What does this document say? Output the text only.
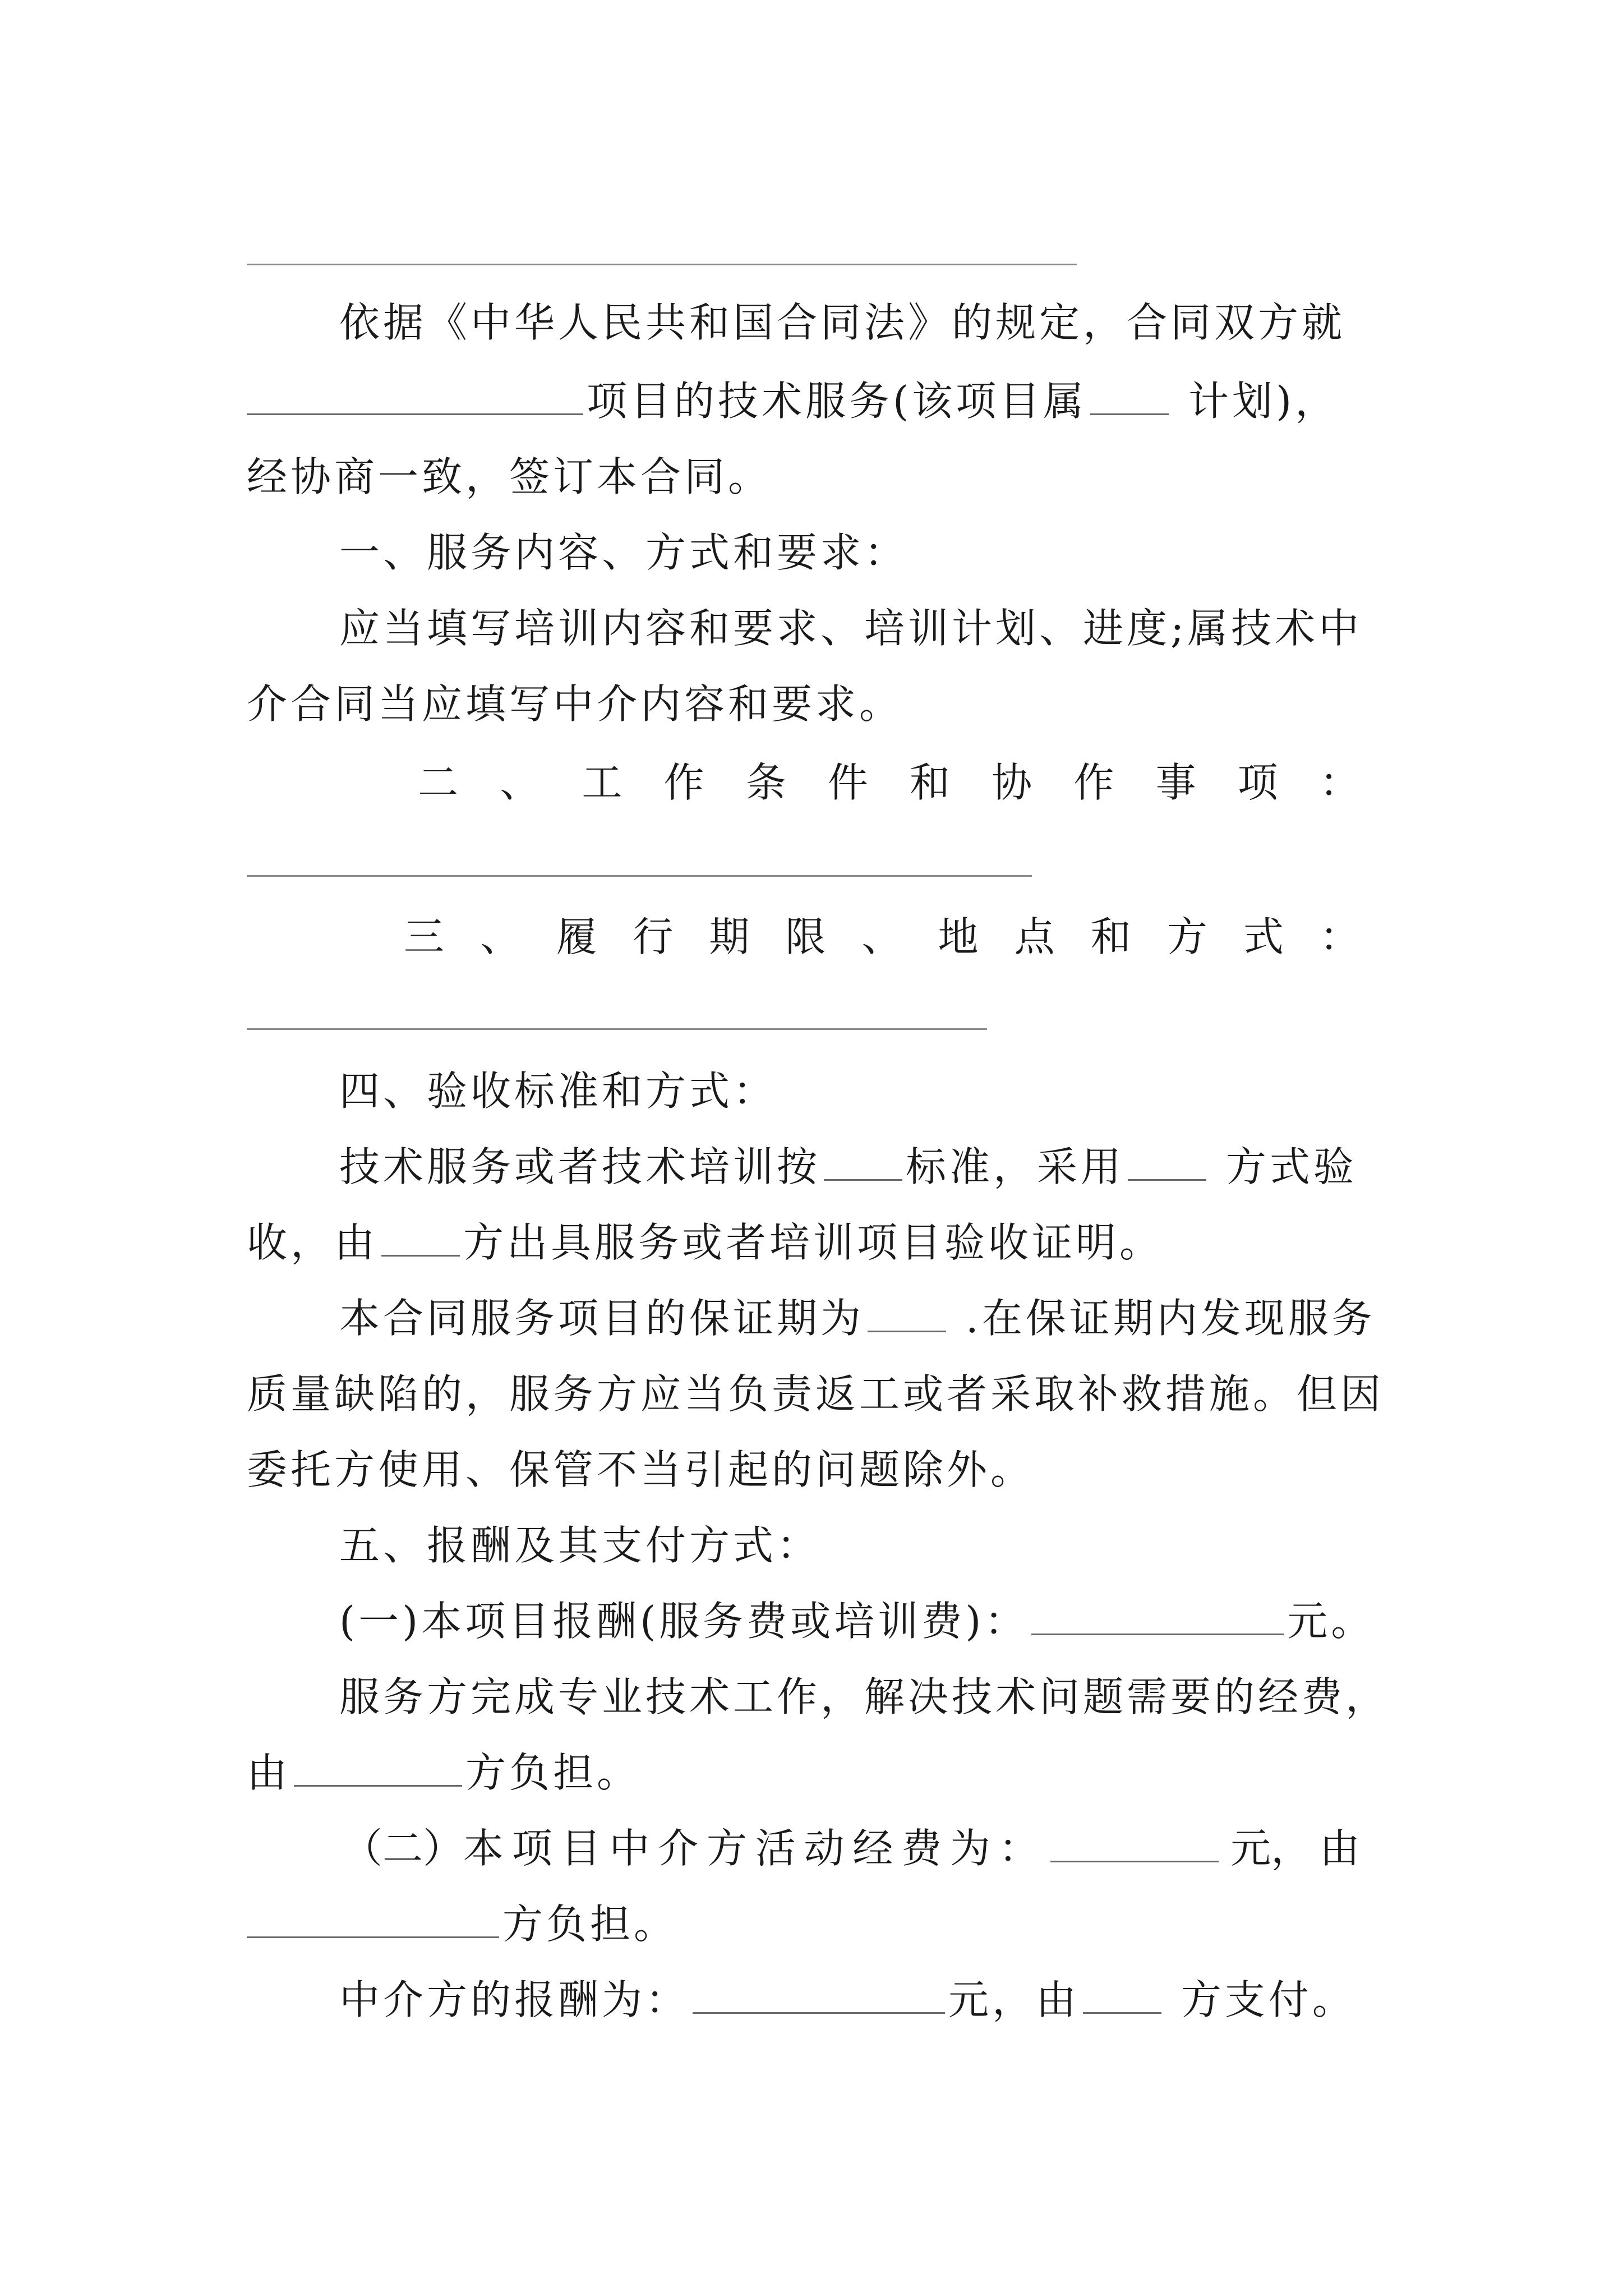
依据《中华人民共和国合同法》的规定，合同双方就
项目的技术服务(该项目属	计划)，
经协商一致，签订本合同。
一、服务内容、方式和要求：
应当填写培训内容和要求、培训计划、进度;属技术中
介合同当应填写中介内容和要求。
二 、 工 作 条 件 和 协 作 事 项 ：
三 、 履 行 期 限 、 地 点 和 方 式 ：
四、验收标准和方式：
技术服务或者技术培训按 标准，采用	方式验
收，由 方出具服务或者培训项目验收证明。
本合同服务项目的保证期为	.在保证期内发现服务
质量缺陷的，服务方应当负责返工或者采取补救措施。但因
委托方使用、保管不当引起的问题除外。
五、报酬及其支付方式：
(一)本项目报酬(服务费或培训费)：	元。
服务方完成专业技术工作，解决技术问题需要的经费，
由	方负担。
（二）本 项 目 中 介 方 活 动 经 费 为 ：	元， 由
方负担。
中介方的报酬为：	元，由	方支付。
